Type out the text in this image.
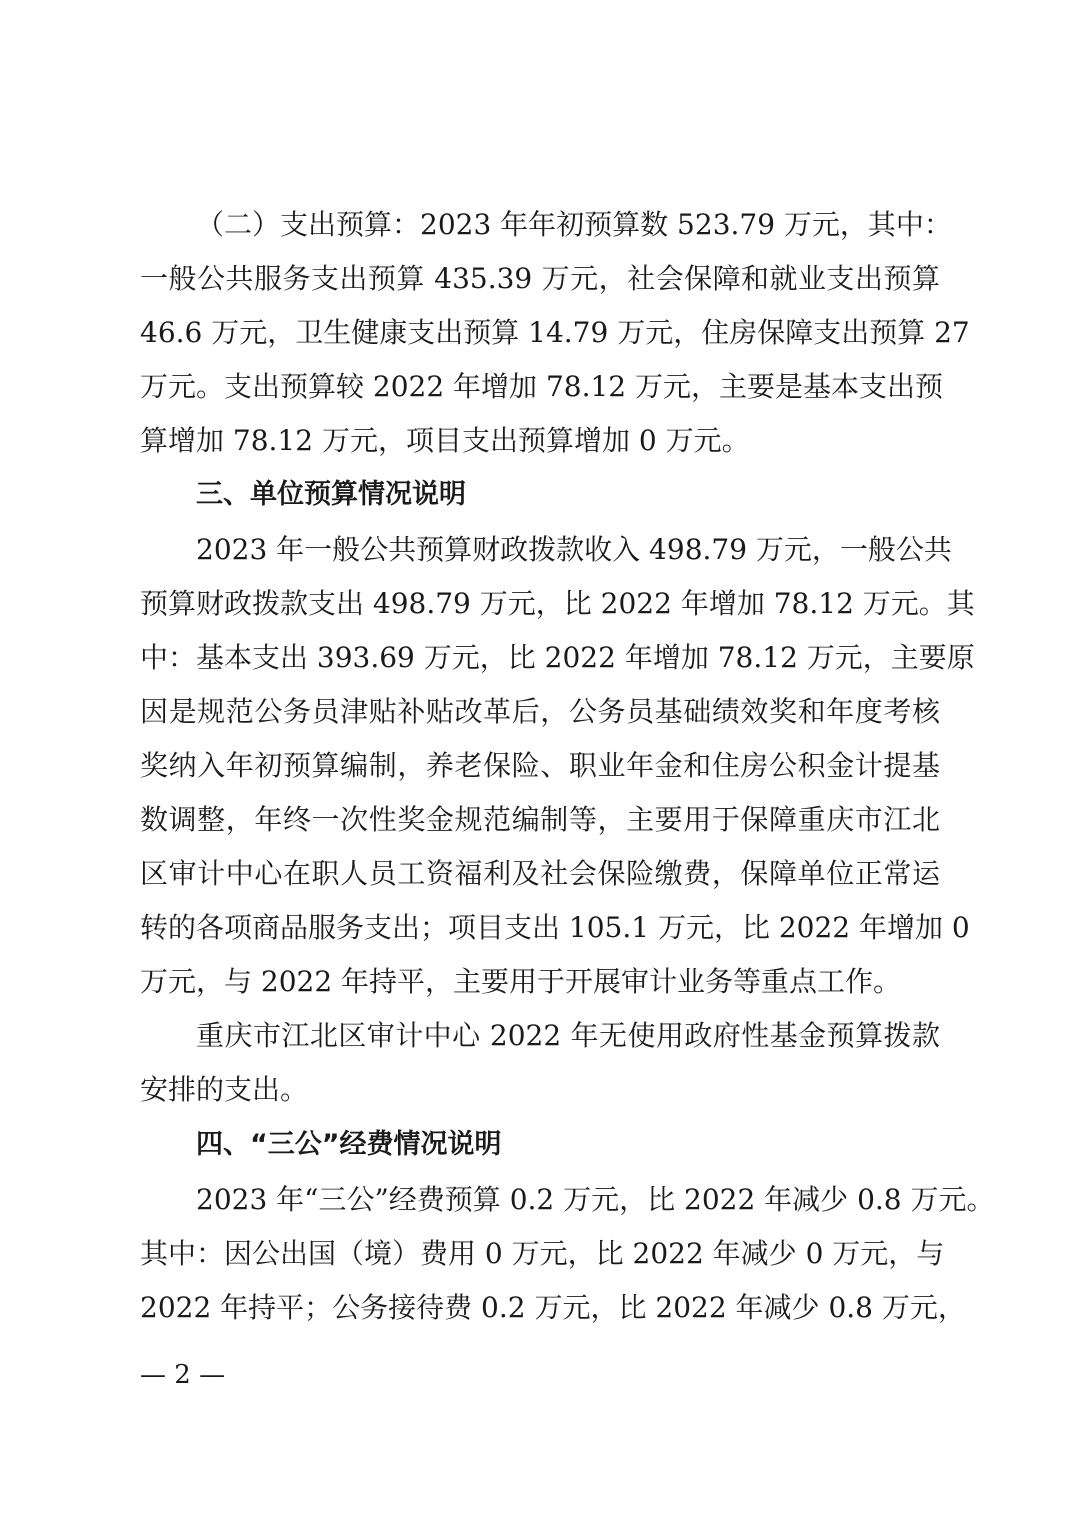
（二）支出预算：2023 年年初预算数 523.79 万元，其中：
一般公共服务支出预算 435.39 万元，社会保障和就业支出预算
46.6 万元，卫生健康支出预算 14.79 万元，住房保障支出预算 27
万元。支出预算较 2022 年增加 78.12 万元，主要是基本支出预
算增加 78.12 万元，项目支出预算增加 0 万元。
三、单位预算情况说明
2023 年一般公共预算财政拨款收入 498.79 万元，一般公共
预算财政拨款支出 498.79 万元，比 2022 年增加 78.12 万元。其
中：基本支出 393.69 万元，比 2022 年增加 78.12 万元，主要原
因是规范公务员津贴补贴改革后，公务员基础绩效奖和年度考核
奖纳入年初预算编制，养老保险、职业年金和住房公积金计提基
数调整，年终一次性奖金规范编制等，主要用于保障重庆市江北
区审计中心在职人员工资福利及社会保险缴费，保障单位正常运
转的各项商品服务支出；项目支出 105.1 万元，比 2022 年增加 0
万元，与 2022 年持平，主要用于开展审计业务等重点工作。
重庆市江北区审计中心 2022 年无使用政府性基金预算拨款
安排的支出。
四、“三公”经费情况说明
2023 年“三公”经费预算 0.2 万元，比 2022 年减少 0.8 万元。
其中：因公出国（境）费用 0 万元，比 2022 年减少 0 万元，与
2022 年持平；公务接待费 0.2 万元，比 2022 年减少 0.8 万元，
— 2 —
